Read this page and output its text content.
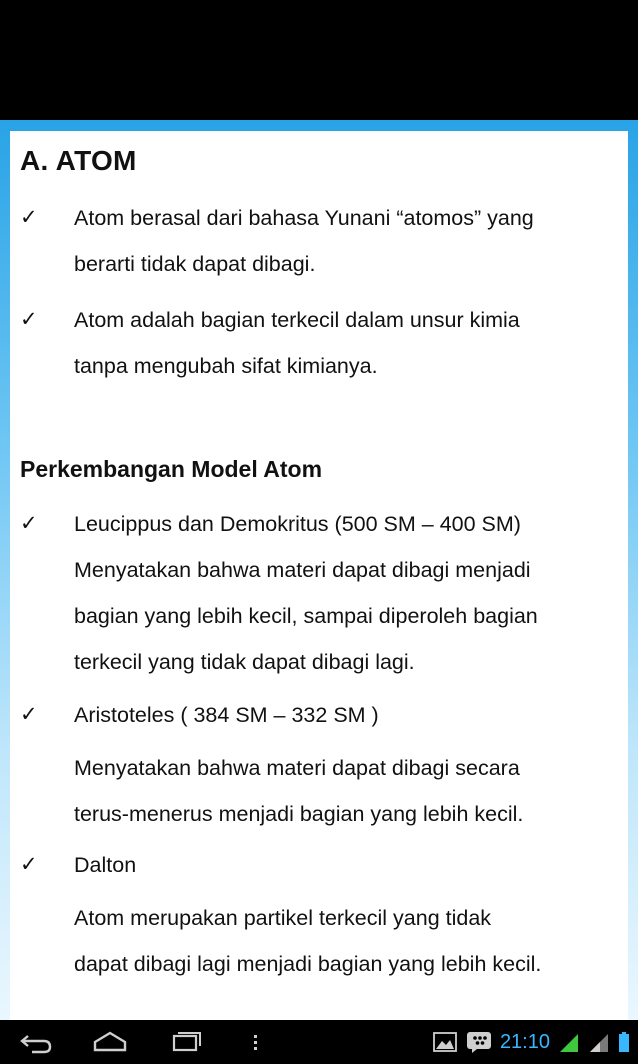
A. ATOM
✓	Atom berasal dari bahasa Yunani “atomos” yang
berarti tidak dapat dibagi.
✓	Atom adalah bagian terkecil dalam unsur kimia
tanpa mengubah sifat kimianya.
Perkembangan Model Atom
✓	Leucippus dan Demokritus (500 SM – 400 SM)
Menyatakan bahwa materi dapat dibagi menjadi
bagian yang lebih kecil, sampai diperoleh bagian
terkecil yang tidak dapat dibagi lagi.
✓	Aristoteles ( 384 SM – 332 SM )
Menyatakan bahwa materi dapat dibagi secara
terus-menerus menjadi bagian yang lebih kecil.
✓	Dalton
Atom merupakan partikel terkecil yang tidak
dapat dibagi lagi menjadi bagian yang lebih kecil.
21:10
